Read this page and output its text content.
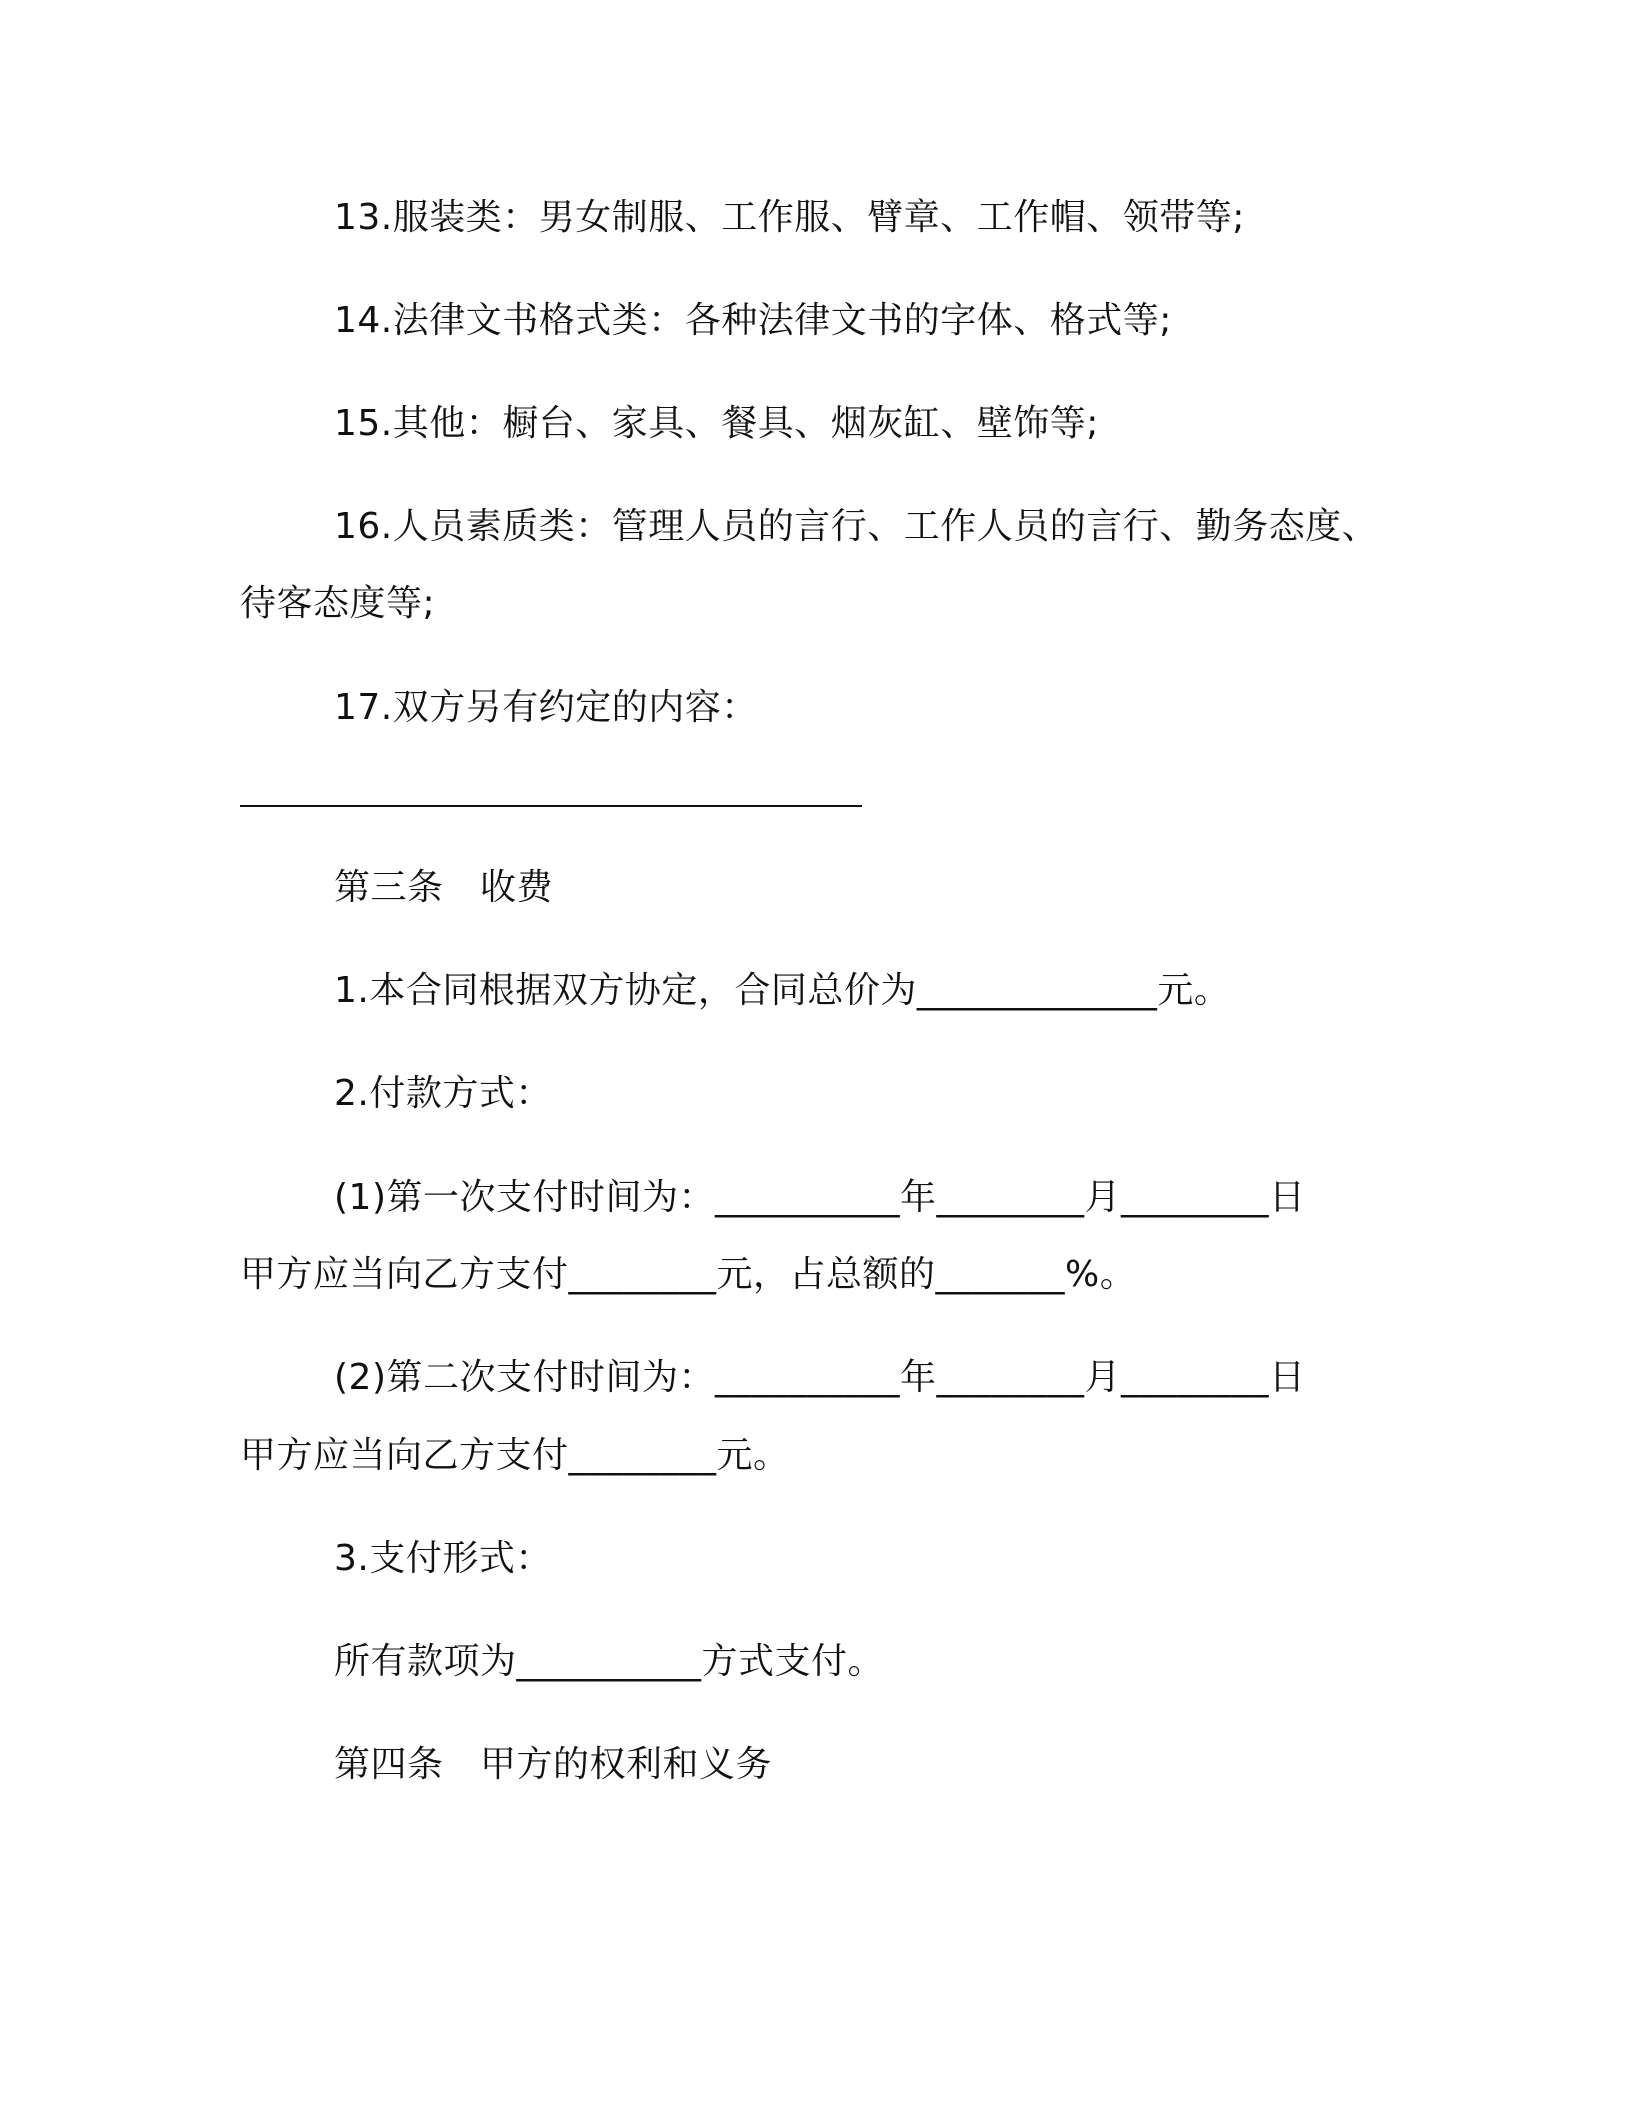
13.服装类：男女制服、工作服、臂章、工作帽、领带等;
14.法律文书格式类：各种法律文书的字体、格式等;
15.其他：橱台、家具、餐具、烟灰缸、壁饰等;
16.人员素质类：管理人员的言行、工作人员的言行、勤务态度、
待客态度等;
17.双方另有约定的内容：
第三条　收费
1.本合同根据双方协定，合同总价为_____________元。
2.付款方式：
(1)第一次支付时间为：__________年________月________日
甲方应当向乙方支付________元，占总额的_______%。
(2)第二次支付时间为：__________年________月________日
甲方应当向乙方支付________元。
3.支付形式：
所有款项为__________方式支付。
第四条　甲方的权利和义务
